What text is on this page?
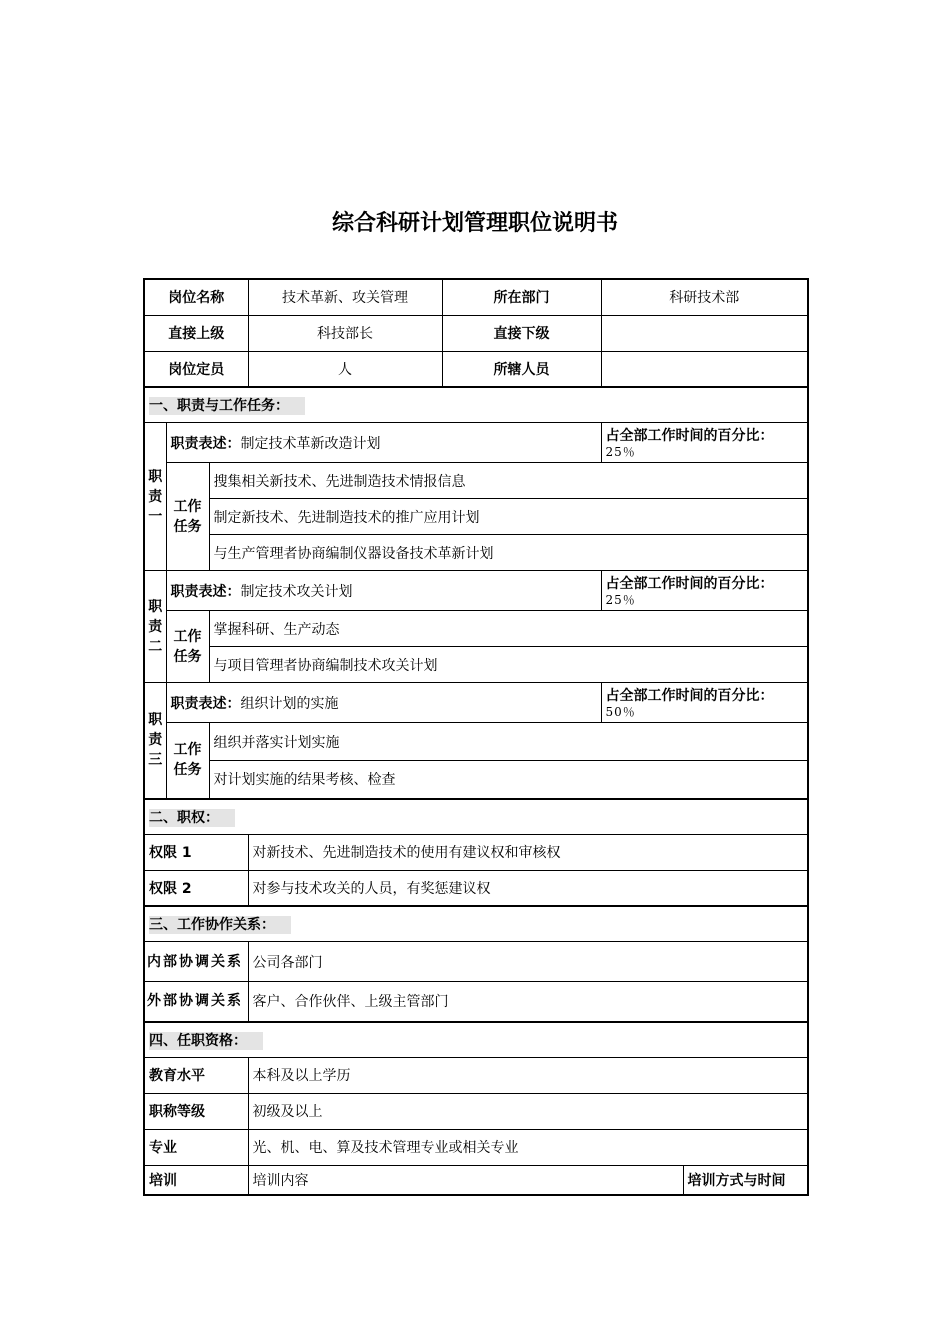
综合科研计划管理职位说明书
岗位名称			技术革新、攻关管理	所在部门	科研技术部	
直接上级			科技部长	直接下级		
岗位定员			人	所辖人员		
一、职责与工作任务：						
职责一	职责表述：制定技术革新改造计划				占全部工作时间的百分比：
25％	

	工作任务	搜集相关新技术、先进制造技术情报信息				
		制定新技术、先进制造技术的推广应用计划				
		与生产管理者协商编制仪器设备技术革新计划				
职责二	职责表述：制定技术攻关计划				占全部工作时间的百分比：
25％	

	工作任务	掌握科研、生产动态				
		与项目管理者协商编制技术攻关计划				
职责三	职责表述：组织计划的实施				占全部工作时间的百分比：
50％	

	工作任务	组织并落实计划实施				
		对计划实施的结果考核、检查				
二、职权：						
权限 1			对新技术、先进制造技术的使用有建议权和审核权			
权限 2			对参与技术攻关的人员，有奖惩建议权			
三、工作协作关系：						
内部协调关系			公司各部门			
外部协调关系			客户、合作伙伴、上级主管部门			
四、任职资格：						
教育水平			本科及以上学历			
职称等级			初级及以上			
专业			光、机、电、算及技术管理专业或相关专业			
培训			培训内容			培训方式与时间
